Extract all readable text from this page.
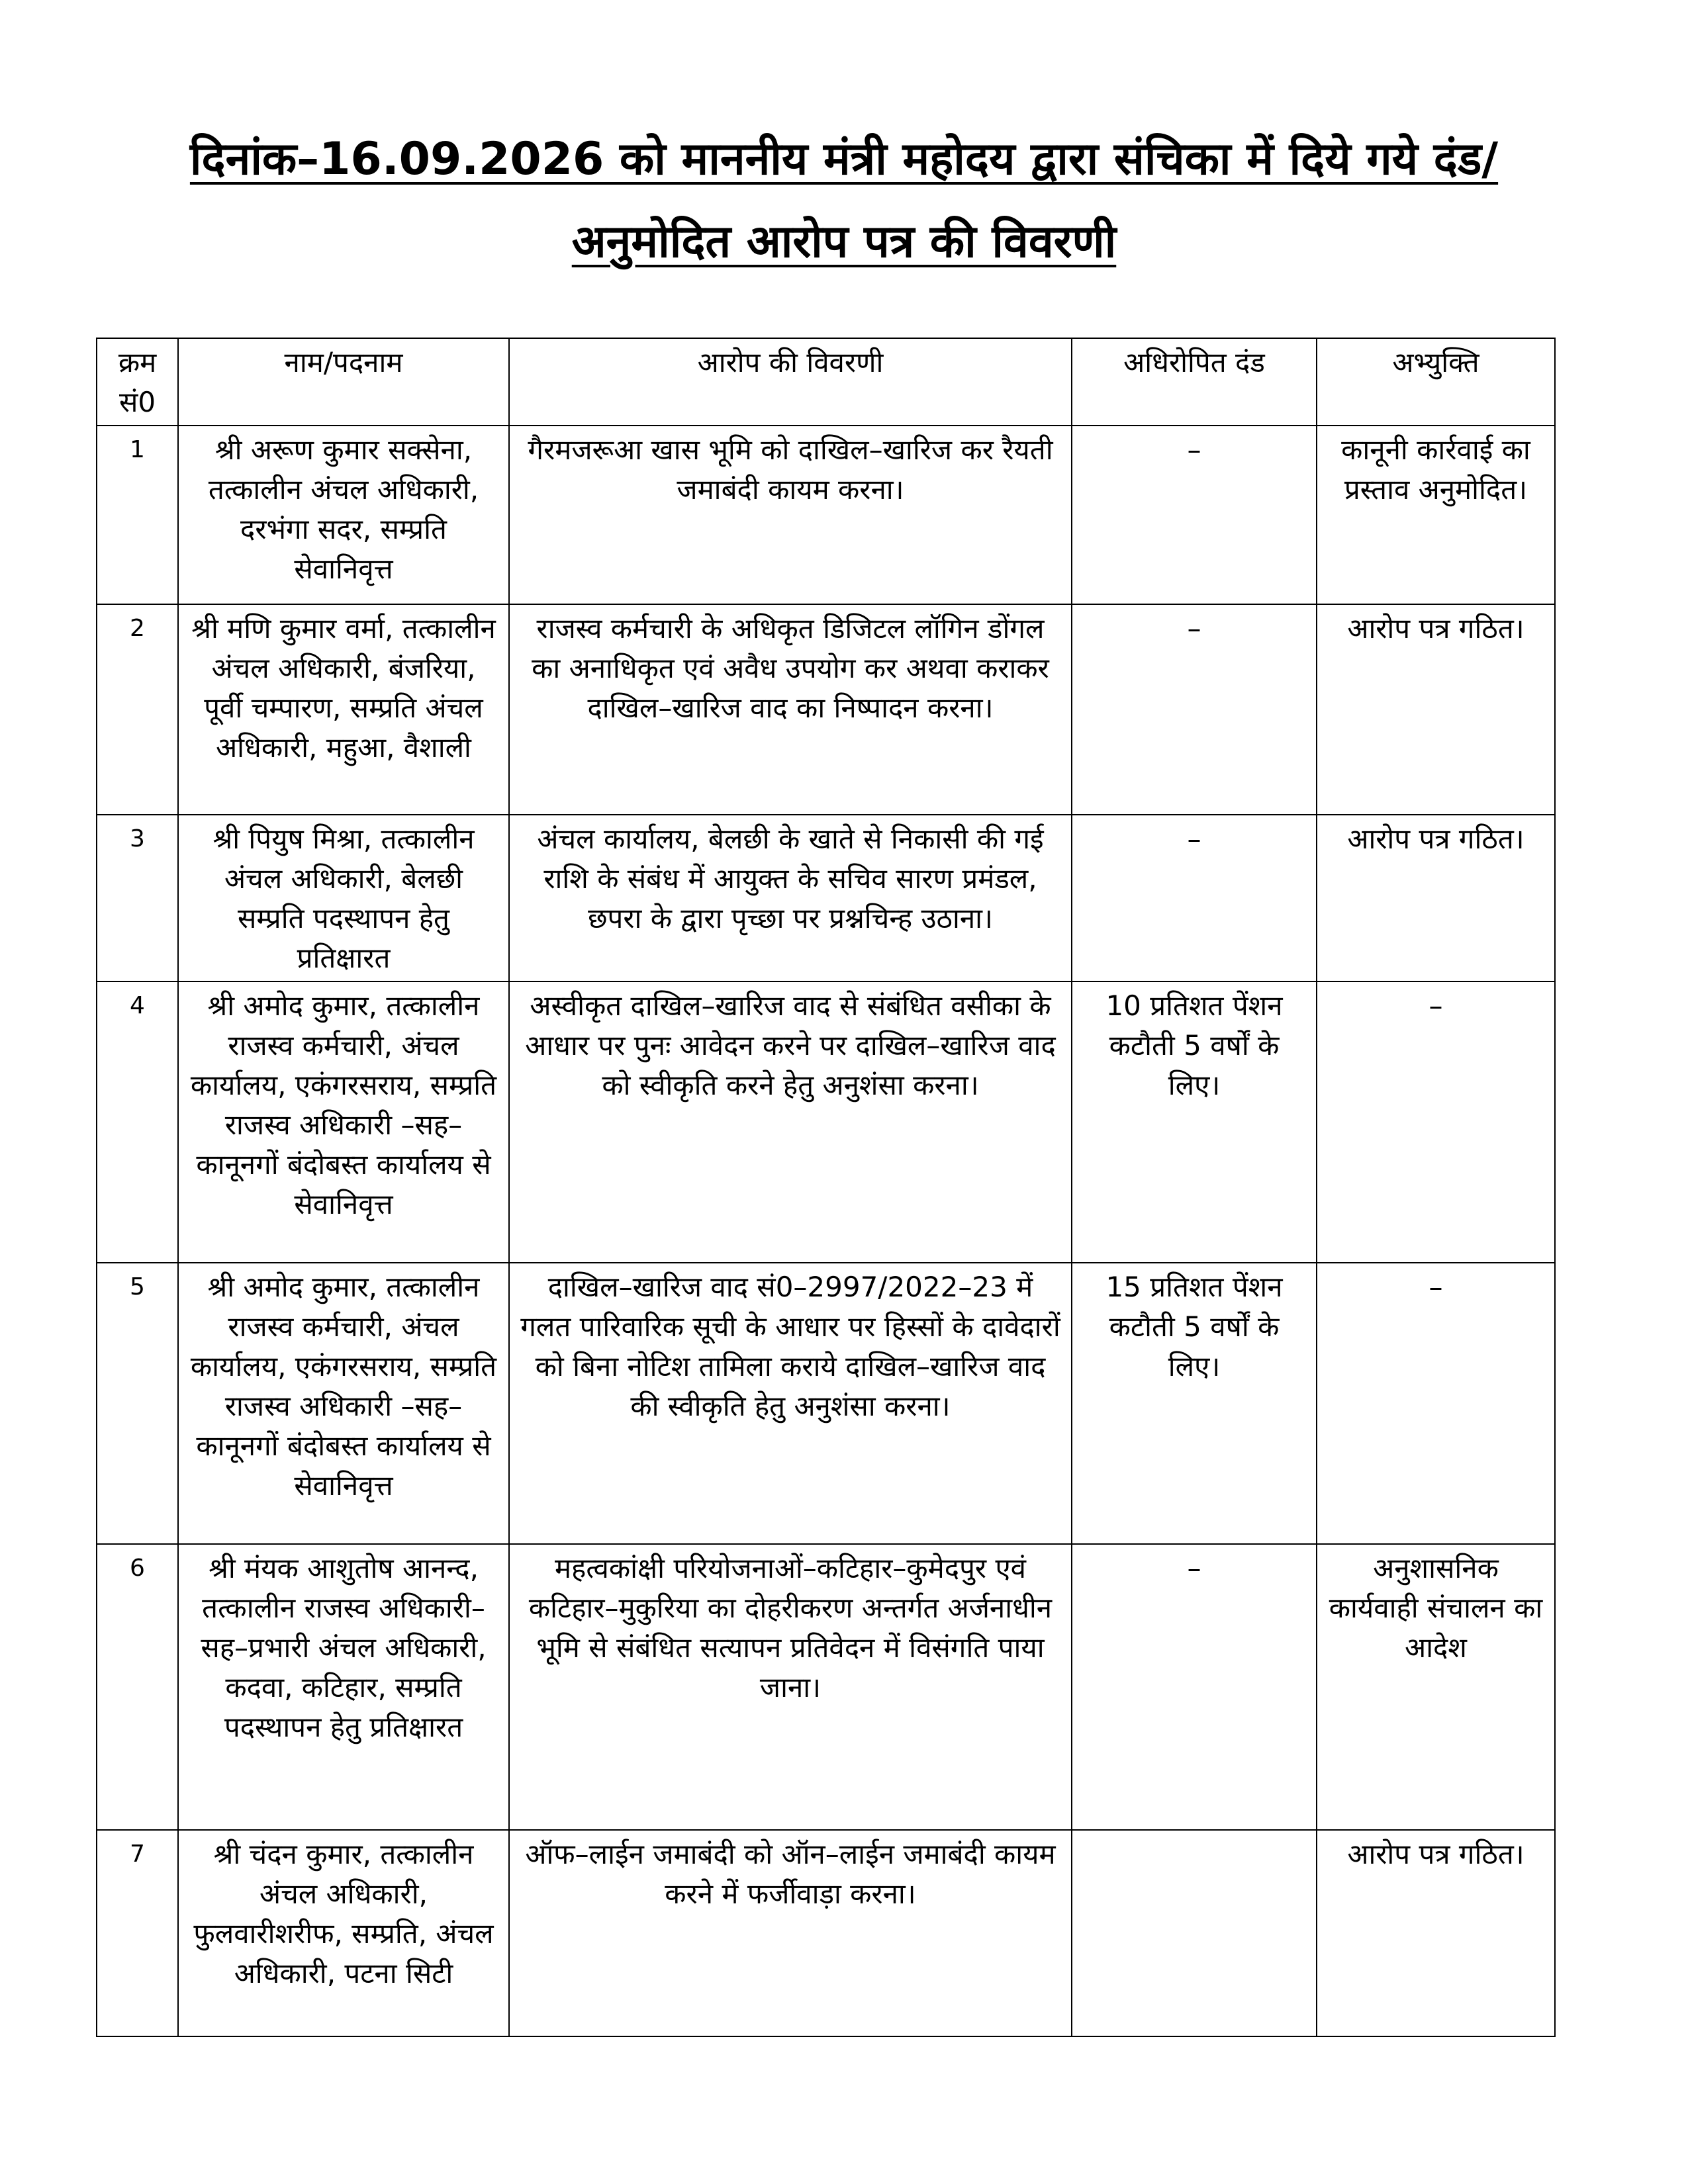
दिनांक–16.09.2026 को माननीय मंत्री महोदय द्वारा संचिका में दिये गये दंड/अनुमोदित आरोप पत्र की विवरणी
क्रम सं0	नाम/पदनाम	आरोप की विवरणी	अधिरोपित दंड	अभ्युक्ति
1	श्री अरूण कुमार सक्सेना, तत्कालीन अंचल अधिकारी, दरभंगा सदर, सम्प्रति सेवानिवृत्त	गैरमजरूआ खास भूमि को दाखिल–खारिज कर रैयती जमाबंदी कायम करना।	–	कानूनी कार्रवाई का प्रस्ताव अनुमोदित।
2	श्री मणि कुमार वर्मा, तत्कालीन अंचल अधिकारी, बंजरिया, पूर्वी चम्पारण, सम्प्रति अंचल अधिकारी, महुआ, वैशाली	राजस्व कर्मचारी के अधिकृत डिजिटल लॉगिन डोंगल का अनाधिकृत एवं अवैध उपयोग कर अथवा कराकर दाखिल–खारिज वाद का निष्पादन करना।	–	आरोप पत्र गठित।
3	श्री पियुष मिश्रा, तत्कालीन अंचल अधिकारी, बेलछी सम्प्रति पदस्थापन हेतु प्रतिक्षारत	अंचल कार्यालय, बेलछी के खाते से निकासी की गई राशि के संबंध में आयुक्त के सचिव सारण प्रमंडल, छपरा के द्वारा पृच्छा पर प्रश्नचिन्ह उठाना।	–	आरोप पत्र गठित।
4	श्री अमोद कुमार, तत्कालीन राजस्व कर्मचारी, अंचल कार्यालय, एकंगरसराय, सम्प्रति राजस्व अधिकारी –सह–कानूनगों बंदोबस्त कार्यालय से सेवानिवृत्त	अस्वीकृत दाखिल–खारिज वाद से संबंधित वसीका के आधार पर पुनः आवेदन करने पर दाखिल–खारिज वाद को स्वीकृति करने हेतु अनुशंसा करना।	10 प्रतिशत पेंशन कटौती 5 वर्षों के लिए।	–
5	श्री अमोद कुमार, तत्कालीन राजस्व कर्मचारी, अंचल कार्यालय, एकंगरसराय, सम्प्रति राजस्व अधिकारी –सह–कानूनगों बंदोबस्त कार्यालय से सेवानिवृत्त	दाखिल–खारिज वाद सं0–2997/2022–23 में गलत पारिवारिक सूची के आधार पर हिस्सों के दावेदारों को बिना नोटिश तामिला कराये दाखिल–खारिज वाद की स्वीकृति हेतु अनुशंसा करना।	15 प्रतिशत पेंशन कटौती 5 वर्षों के लिए।	–
6	श्री मंयक आशुतोष आनन्द, तत्कालीन राजस्व अधिकारी–सह–प्रभारी अंचल अधिकारी, कदवा, कटिहार, सम्प्रति पदस्थापन हेतु प्रतिक्षारत	महत्वकांक्षी परियोजनाओं–कटिहार–कुमेदपुर एवं कटिहार–मुकुरिया का दोहरीकरण अन्तर्गत अर्जनाधीन भूमि से संबंधित सत्यापन प्रतिवेदन में विसंगति पाया जाना।	–	अनुशासनिक कार्यवाही संचालन का आदेश
7	श्री चंदन कुमार, तत्कालीन अंचल अधिकारी, फुलवारीशरीफ, सम्प्रति, अंचल अधिकारी, पटना सिटी	ऑफ–लाईन जमाबंदी को ऑन–लाईन जमाबंदी कायम करने में फर्जीवाड़ा करना।		आरोप पत्र गठित।
